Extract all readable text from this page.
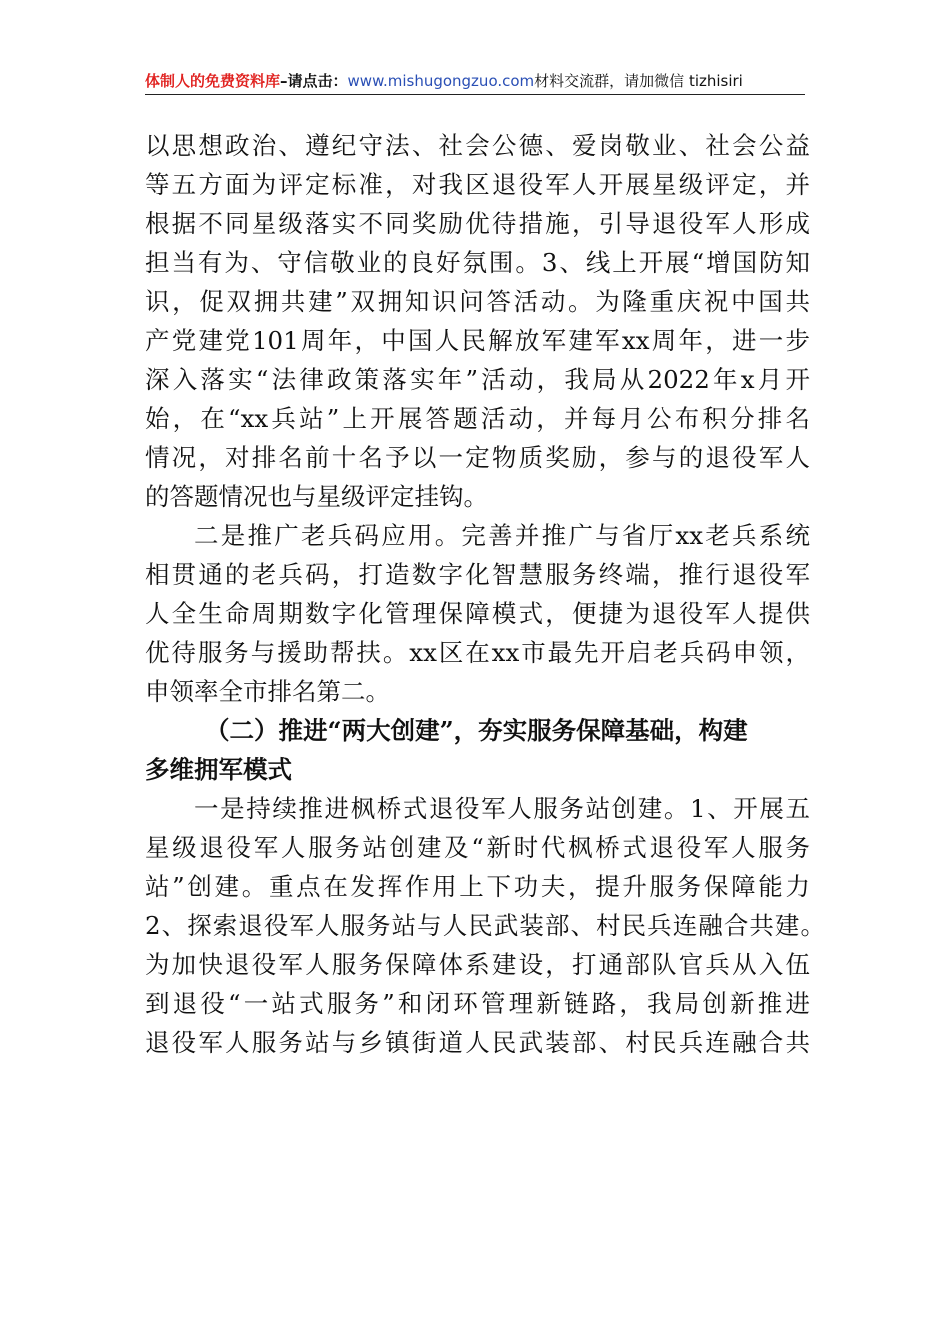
体制人的免费资料库–请点击：www.mishugongzuo.com材料交流群，请加微信 tizhisiri
以思想政治、遵纪守法、社会公德、爱岗敬业、社会公益
等五方面为评定标准，对我区退役军人开展星级评定，并
根据不同星级落实不同奖励优待措施，引导退役军人形成
担当有为、守信敬业的良好氛围。3、线上开展“增国防知
识，促双拥共建”双拥知识问答活动。为隆重庆祝中国共
产党建党101周年，中国人民解放军建军xx周年，进一步
深入落实“法律政策落实年”活动，我局从2022年x月开
始，在“xx兵站”上开展答题活动，并每月公布积分排名
情况，对排名前十名予以一定物质奖励，参与的退役军人
的答题情况也与星级评定挂钩。
二是推广老兵码应用。完善并推广与省厅xx老兵系统
相贯通的老兵码，打造数字化智慧服务终端，推行退役军
人全生命周期数字化管理保障模式，便捷为退役军人提供
优待服务与援助帮扶。xx区在xx市最先开启老兵码申领，
申领率全市排名第二。
（二）推进“两大创建”，夯实服务保障基础，构建
多维拥军模式
一是持续推进枫桥式退役军人服务站创建。1、开展五
星级退役军人服务站创建及“新时代枫桥式退役军人服务
站”创建。重点在发挥作用上下功夫，提升服务保障能力
2、探索退役军人服务站与人民武装部、村民兵连融合共建。
为加快退役军人服务保障体系建设，打通部队官兵从入伍
到退役“一站式服务”和闭环管理新链路，我局创新推进
退役军人服务站与乡镇街道人民武装部、村民兵连融合共
